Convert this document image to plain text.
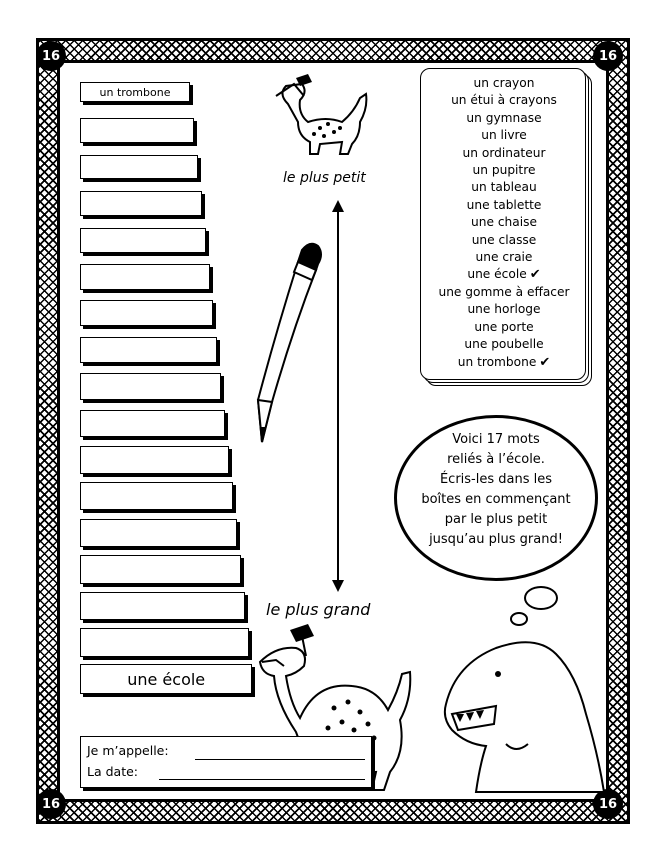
16	16
16	16
un trombone
une école
le plus petit
un crayon
un étui à crayons
un gymnase
un livre
un ordinateur
un pupitre
un tableau
une tablette
une chaise
une classe
une craie
une école ✔
une gomme à effacer
une horloge
une porte
une poubelle
un trombone ✔
Voici 17 mots
reliés à l’école.
Écris-les dans les
boîtes en commençant
par le plus petit
jusqu’au plus grand!
le plus grand
Je m’appelle:
La date:
